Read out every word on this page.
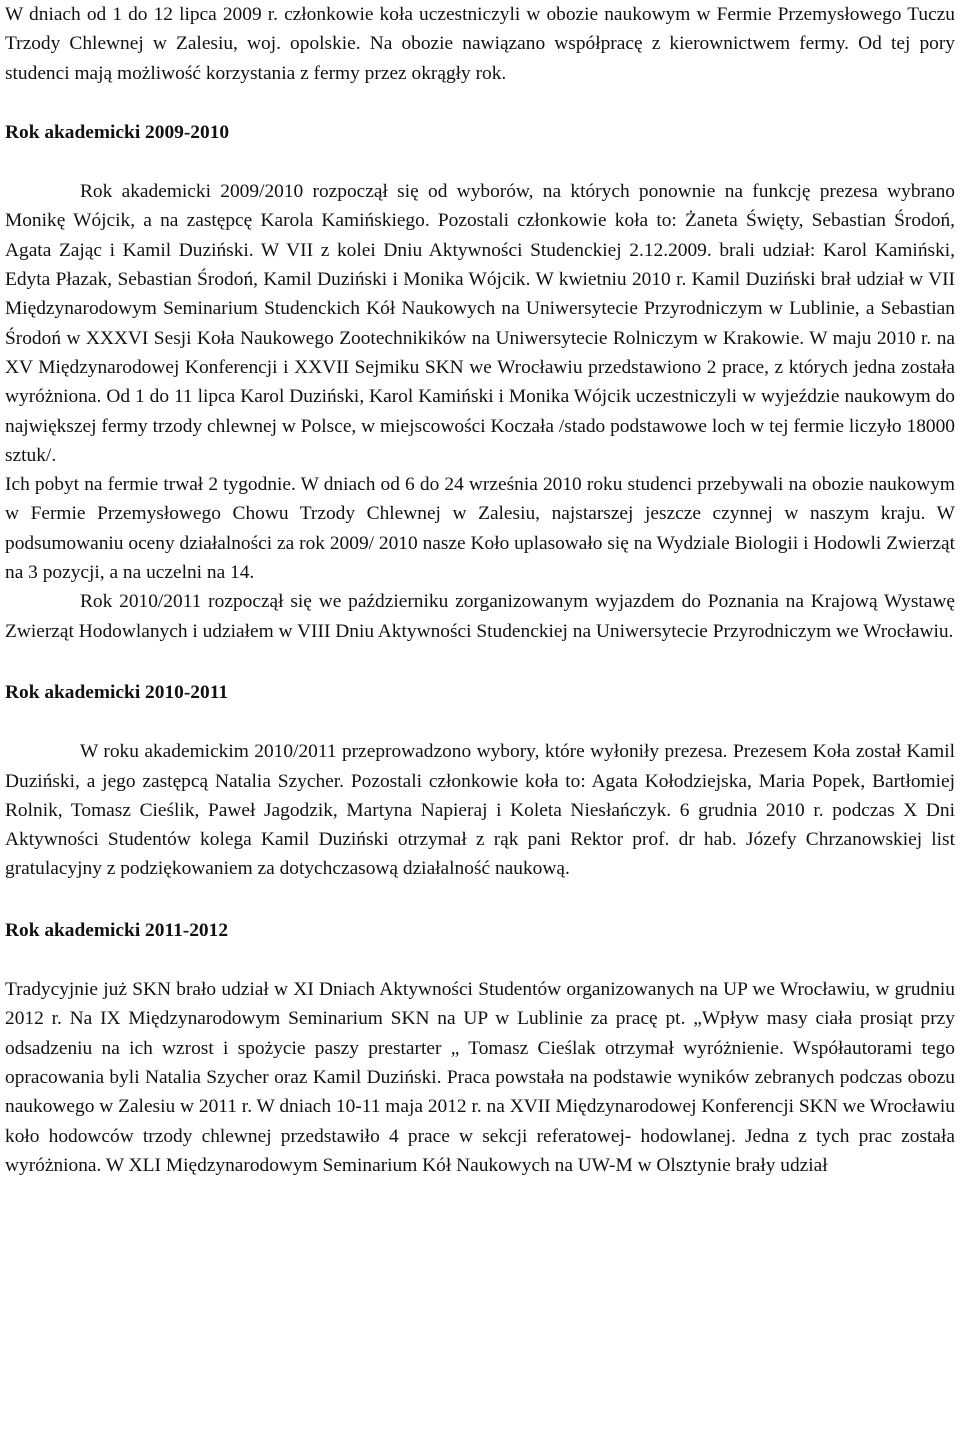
W dniach od 1 do 12 lipca 2009 r. członkowie koła uczestniczyli w obozie naukowym w Fermie Przemysłowego Tuczu Trzody Chlewnej w Zalesiu, woj. opolskie. Na obozie nawiązano współpracę z kierownictwem fermy. Od tej pory studenci mają możliwość korzystania z fermy przez okrągły rok.

Rok akademicki 2009-2010

Rok akademicki 2009/2010 rozpoczął się od wyborów, na których ponownie na funkcję prezesa wybrano Monikę Wójcik, a na zastępcę Karola Kamińskiego. Pozostali członkowie koła to: Żaneta Święty, Sebastian Środoń, Agata Zając i Kamil Duziński. W VII z kolei Dniu Aktywności Studenckiej 2.12.2009. brali udział: Karol Kamiński, Edyta Płazak, Sebastian Środoń, Kamil Duziński i Monika Wójcik. W kwietniu 2010 r. Kamil Duziński brał udział w VII Międzynarodowym Seminarium Studenckich Kół Naukowych na Uniwersytecie Przyrodniczym w Lublinie, a Sebastian Środoń w XXXVI Sesji Koła Naukowego Zootechnikików na Uniwersytecie Rolniczym w Krakowie. W maju 2010 r. na XV Międzynarodowej Konferencji i XXVII Sejmiku SKN we Wrocławiu przedstawiono 2 prace, z których jedna została wyróżniona. Od 1 do 11 lipca Karol Duziński, Karol Kamiński i Monika Wójcik uczestniczyli w wyjeździe naukowym do największej fermy trzody chlewnej w Polsce, w miejscowości Koczała /stado podstawowe loch w tej fermie liczyło 18000 sztuk/.

Ich pobyt na fermie trwał 2 tygodnie. W dniach od 6 do 24 września 2010 roku studenci przebywali na obozie naukowym w Fermie Przemysłowego Chowu Trzody Chlewnej w Zalesiu, najstarszej jeszcze czynnej w naszym kraju. W podsumowaniu oceny działalności za rok 2009/ 2010 nasze Koło uplasowało się na Wydziale Biologii i Hodowli Zwierząt na 3 pozycji, a na uczelni na 14.

Rok 2010/2011 rozpoczął się we październiku zorganizowanym wyjazdem do Poznania na Krajową Wystawę Zwierząt Hodowlanych i udziałem w VIII Dniu Aktywności Studenckiej na Uniwersytecie Przyrodniczym we Wrocławiu.

Rok akademicki 2010-2011

W roku akademickim 2010/2011 przeprowadzono wybory, które wyłoniły prezesa. Prezesem Koła został Kamil Duziński, a jego zastępcą Natalia Szycher. Pozostali członkowie koła to: Agata Kołodziejska, Maria Popek, Bartłomiej Rolnik, Tomasz Cieślik, Paweł Jagodzik, Martyna Napieraj i Koleta Niesłańczyk. 6 grudnia 2010 r. podczas X Dni Aktywności Studentów kolega Kamil Duziński otrzymał z rąk pani Rektor prof. dr hab. Józefy Chrzanowskiej list gratulacyjny z podziękowaniem za dotychczasową działalność naukową.

Rok akademicki 2011-2012

Tradycyjnie już SKN brało udział w XI Dniach Aktywności Studentów organizowanych na UP we Wrocławiu, w grudniu 2012 r. Na IX Międzynarodowym Seminarium SKN na UP w Lublinie za pracę pt. „Wpływ masy ciała prosiąt przy odsadzeniu na ich wzrost i spożycie paszy prestarter „ Tomasz Cieślak otrzymał wyróżnienie. Współautorami tego opracowania byli Natalia Szycher oraz Kamil Duziński. Praca powstała na podstawie wyników zebranych podczas obozu naukowego w Zalesiu w 2011 r. W dniach 10-11 maja 2012 r. na XVII Międzynarodowej Konferencji SKN we Wrocławiu koło hodowców trzody chlewnej przedstawiło 4 prace w sekcji referatowej- hodowlanej. Jedna z tych prac została wyróżniona. W XLI Międzynarodowym Seminarium Kół Naukowych na UW-M w Olsztynie brały udział
